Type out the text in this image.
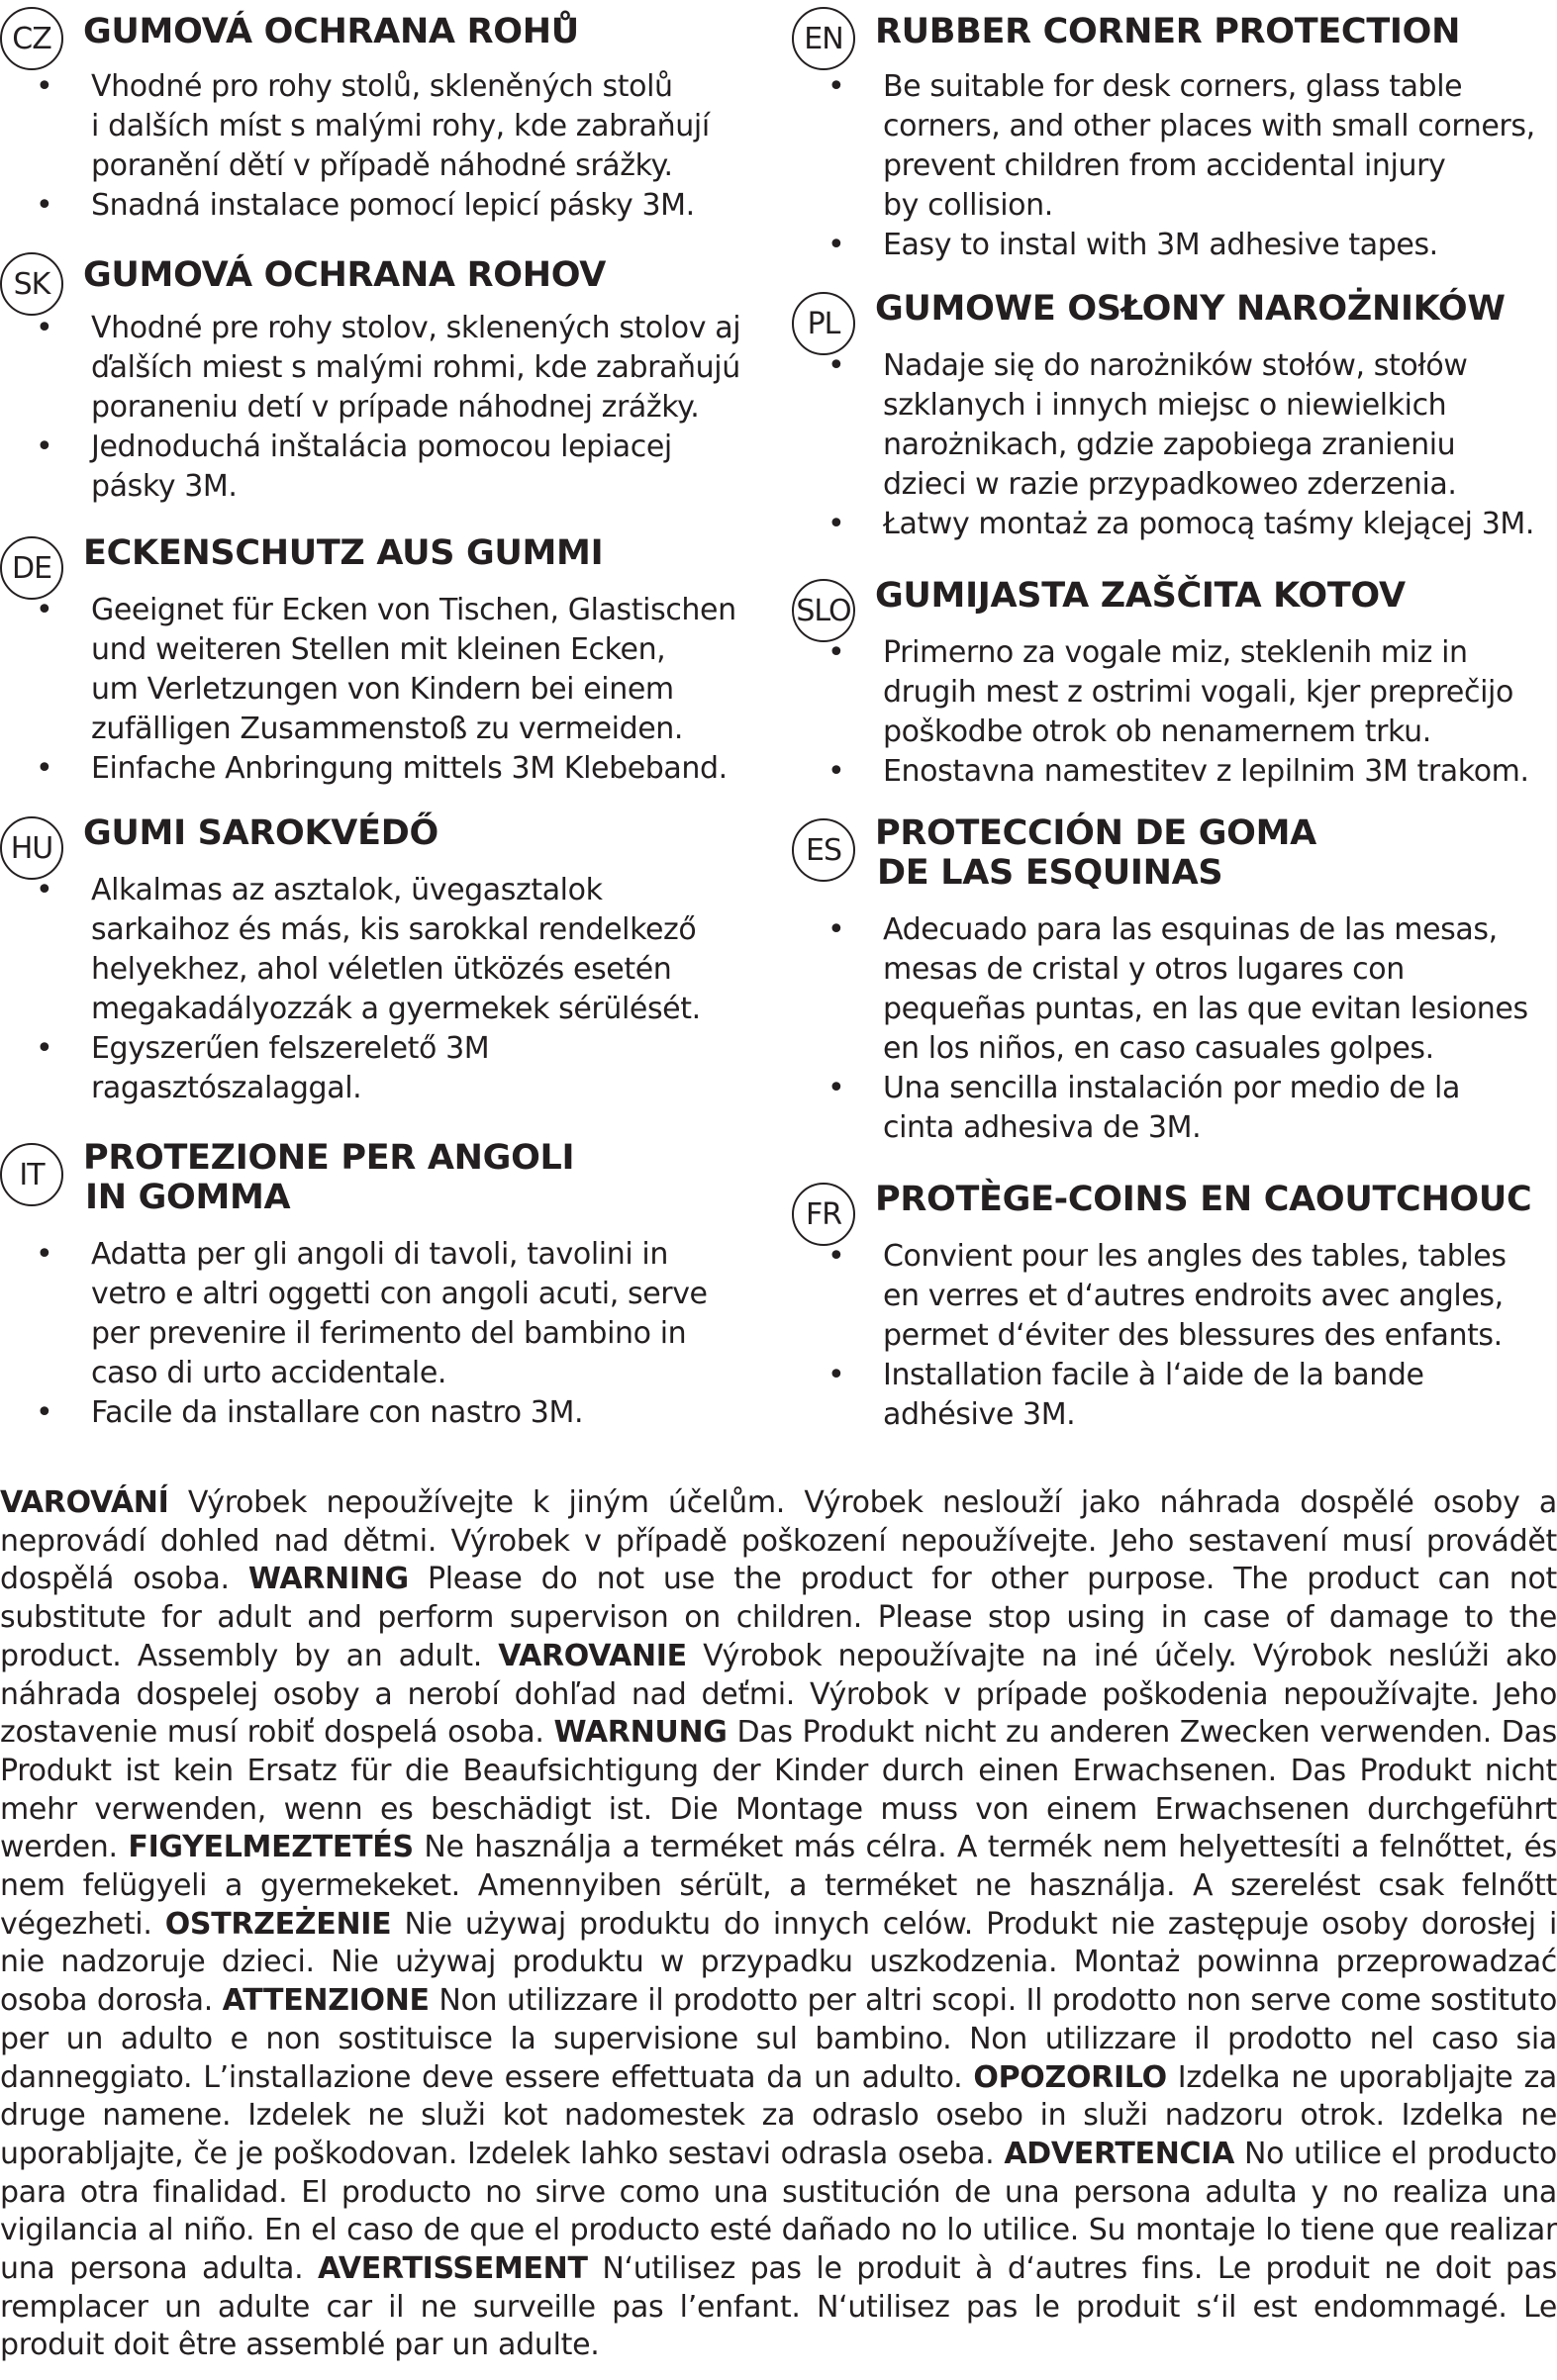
CZ GUMOVÁ OCHRANA ROHŮ
• Vhodné pro rohy stolů, skleněných stolů
i dalších míst s malými rohy, kde zabraňují
poranění dětí v případě náhodné srážky.
• Snadná instalace pomocí lepicí pásky 3M.
SK GUMOVÁ OCHRANA ROHOV
• Vhodné pre rohy stolov, sklenených stolov aj
ďalších miest s malými rohmi, kde zabraňujú
poraneniu detí v prípade náhodnej zrážky.
• Jednoduchá inštalácia pomocou lepiacej
pásky 3M.
DE ECKENSCHUTZ AUS GUMMI
• Geeignet für Ecken von Tischen, Glastischen
und weiteren Stellen mit kleinen Ecken,
um Verletzungen von Kindern bei einem
zufälligen Zusammenstoß zu vermeiden.
• Einfache Anbringung mittels 3M Klebeband.
HU GUMI SAROKVÉDŐ
• Alkalmas az asztalok, üvegasztalok
sarkaihoz és más, kis sarokkal rendelkező
helyekhez, ahol véletlen ütközés esetén
megakadályozzák a gyermekek sérülését.
• Egyszerűen felszerelető 3M
ragasztószalaggal.
IT	PROTEZIONE PER ANGOLI
IN GOMMA
• Adatta per gli angoli di tavoli, tavolini in
vetro e altri oggetti con angoli acuti, serve
per prevenire il ferimento del bambino in
caso di urto accidentale.
• Facile da installare con nastro 3M.
EN RUBBER CORNER PROTECTION
• Be suitable for desk corners, glass table
corners, and other places with small corners,
prevent children from accidental injury
by collision.
• Easy to instal with 3M adhesive tapes.
PL	GUMOWE OSŁONY NAROŻNIKÓW
• Nadaje się do narożników stołów, stołów
szklanych i innych miejsc o niewielkich
narożnikach, gdzie zapobiega zranieniu
dzieci w razie przypadkoweo zderzenia.
• Łatwy montaż za pomocą taśmy klejącej 3M.
SLO GUMIJASTA ZAŠČITA KOTOV
• Primerno za vogale miz, steklenih miz in
drugih mest z ostrimi vogali, kjer preprečijo
poškodbe otrok ob nenamernem trku.
• Enostavna namestitev z lepilnim 3M trakom.
ES PROTECCIÓN DE GOMA
DE LAS ESQUINAS
• Adecuado para las esquinas de las mesas,
mesas de cristal y otros lugares con
pequeñas puntas, en las que evitan lesiones
en los niños, en caso casuales golpes.
• Una sencilla instalación por medio de la
cinta adhesiva de 3M.
FR PROTÈGE-COINS EN CAOUTCHOUC
• Convient pour les angles des tables, tables
en verres et d‘autres endroits avec angles,
permet d‘éviter des blessures des enfants.
• Installation facile à l‘aide de la bande
adhésive 3M.
VAROVÁNÍ Výrobek nepoužívejte k jiným účelům. Výrobek neslouží jako náhrada dospělé osoby a neprovádí dohled nad dětmi. Výrobek v případě poškození nepoužívejte. Jeho sestavení musí provádět dospělá osoba. WARNING Please do not use the product for other purpose. The product can not substitute for adult and perform supervison on children. Please stop using in case of damage to the product. Assembly by an adult. VAROVANIE Výrobok nepoužívajte na iné účely. Výrobok neslúži ako náhrada dospelej osoby a nerobí dohľad nad deťmi. Výrobok v prípade poškodenia nepoužívajte. Jeho zostavenie musí robiť dospelá osoba. WARNUNG Das Produkt nicht zu anderen Zwecken verwenden. Das Produkt ist kein Ersatz für die Beaufsichtigung der Kinder durch einen Erwachsenen. Das Produkt nicht mehr verwenden, wenn es beschädigt ist. Die Montage muss von einem Erwachsenen durchgeführt werden. FIGYELMEZTETÉS Ne használja a terméket más célra. A termék nem helyettesíti a felnőttet, és nem felügyeli a gyermekeket. Amennyiben sérült, a terméket ne használja. A szerelést csak felnőtt végezheti. OSTRZEŻENIE Nie używaj produktu do innych celów. Produkt nie zastępuje osoby dorosłej i nie nadzoruje dzieci. Nie używaj produktu w przypadku uszkodzenia. Montaż powinna przeprowadzać osoba dorosła. ATTENZIONE Non utilizzare il prodotto per altri scopi. Il prodotto non serve come sostituto per un adulto e non sostituisce la supervisione sul bambino. Non utilizzare il prodotto nel caso sia danneggiato. L’installazione deve essere effettuata da un adulto. OPOZORILO Izdelka ne uporabljajte za druge namene. Izdelek ne služi kot nadomestek za odraslo osebo in služi nadzoru otrok. Izdelka ne uporabljajte, če je poškodovan. Izdelek lahko sestavi odrasla oseba. ADVERTENCIA No utilice el producto para otra finalidad. El producto no sirve como una sustitución de una persona adulta y no realiza una vigilancia al niño. En el caso de que el producto esté dañado no lo utilice. Su montaje lo tiene que realizar una persona adulta. AVERTISSEMENT N‘utilisez pas le produit à d‘autres fins. Le produit ne doit pas remplacer un adulte car il ne surveille pas l’enfant. N‘utilisez pas le produit s‘il est endommagé. Le produit doit être assemblé par un adulte.
